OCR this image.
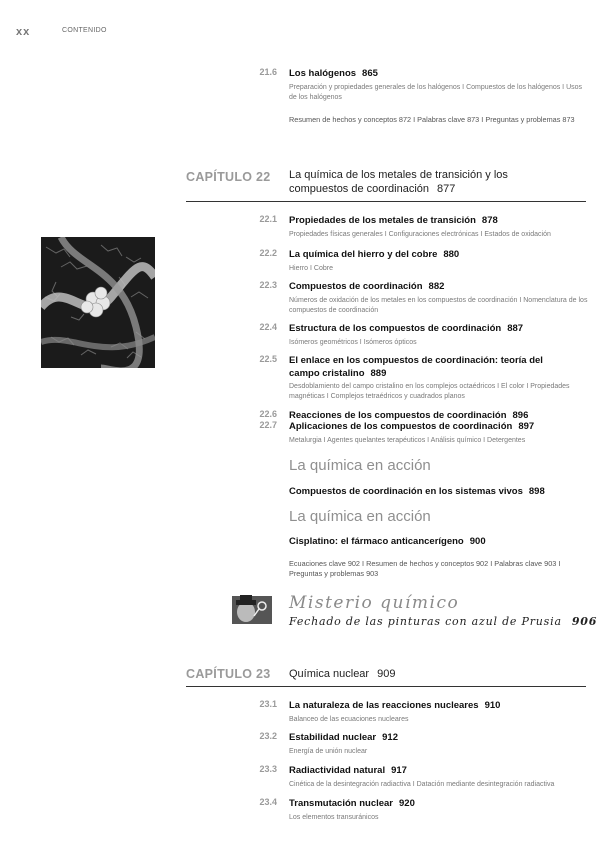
xx	CONTENIDO
21.6 Los halógenos 865
Preparación y propiedades generales de los halógenos I Compuestos de los halógenos I Usos de los halógenos
Resumen de hechos y conceptos 872 I Palabras clave 873 I Preguntas y problemas 873
CAPÍTULO 22	La química de los metales de transición y los compuestos de coordinación 877
22.1 Propiedades de los metales de transición 878
Propiedades físicas generales I Configuraciones electrónicas I Estados de oxidación
22.2 La química del hierro y del cobre 880
Hierro I Cobre
22.3 Compuestos de coordinación 882
Números de oxidación de los metales en los compuestos de coordinación I Nomenclatura de los compuestos de coordinación
22.4 Estructura de los compuestos de coordinación 887
Isómeros geométricos I Isómeros ópticos
22.5 El enlace en los compuestos de coordinación: teoría del campo cristalino 889
Desdoblamiento del campo cristalino en los complejos octaédricos I El color I Propiedades magnéticas I Complejos tetraédricos y cuadrados planos
22.6 Reacciones de los compuestos de coordinación 896
22.7 Aplicaciones de los compuestos de coordinación 897
Metalurgia I Agentes quelantes terapéuticos I Análisis químico I Detergentes
La química en acción
Compuestos de coordinación en los sistemas vivos 898
La química en acción
Cisplatino: el fármaco anticancerígeno 900
Ecuaciones clave 902 I Resumen de hechos y conceptos 902 I Palabras clave 903 I Preguntas y problemas 903
Misterio químico
Fechado de las pinturas con azul de Prusia 906
CAPÍTULO 23	Química nuclear 909
23.1 La naturaleza de las reacciones nucleares 910
Balanceo de las ecuaciones nucleares
23.2 Estabilidad nuclear 912
Energía de unión nuclear
23.3 Radiactividad natural 917
Cinética de la desintegración radiactiva I Datación mediante desintegración radiactiva
23.4 Transmutación nuclear 920
Los elementos transuránicos
